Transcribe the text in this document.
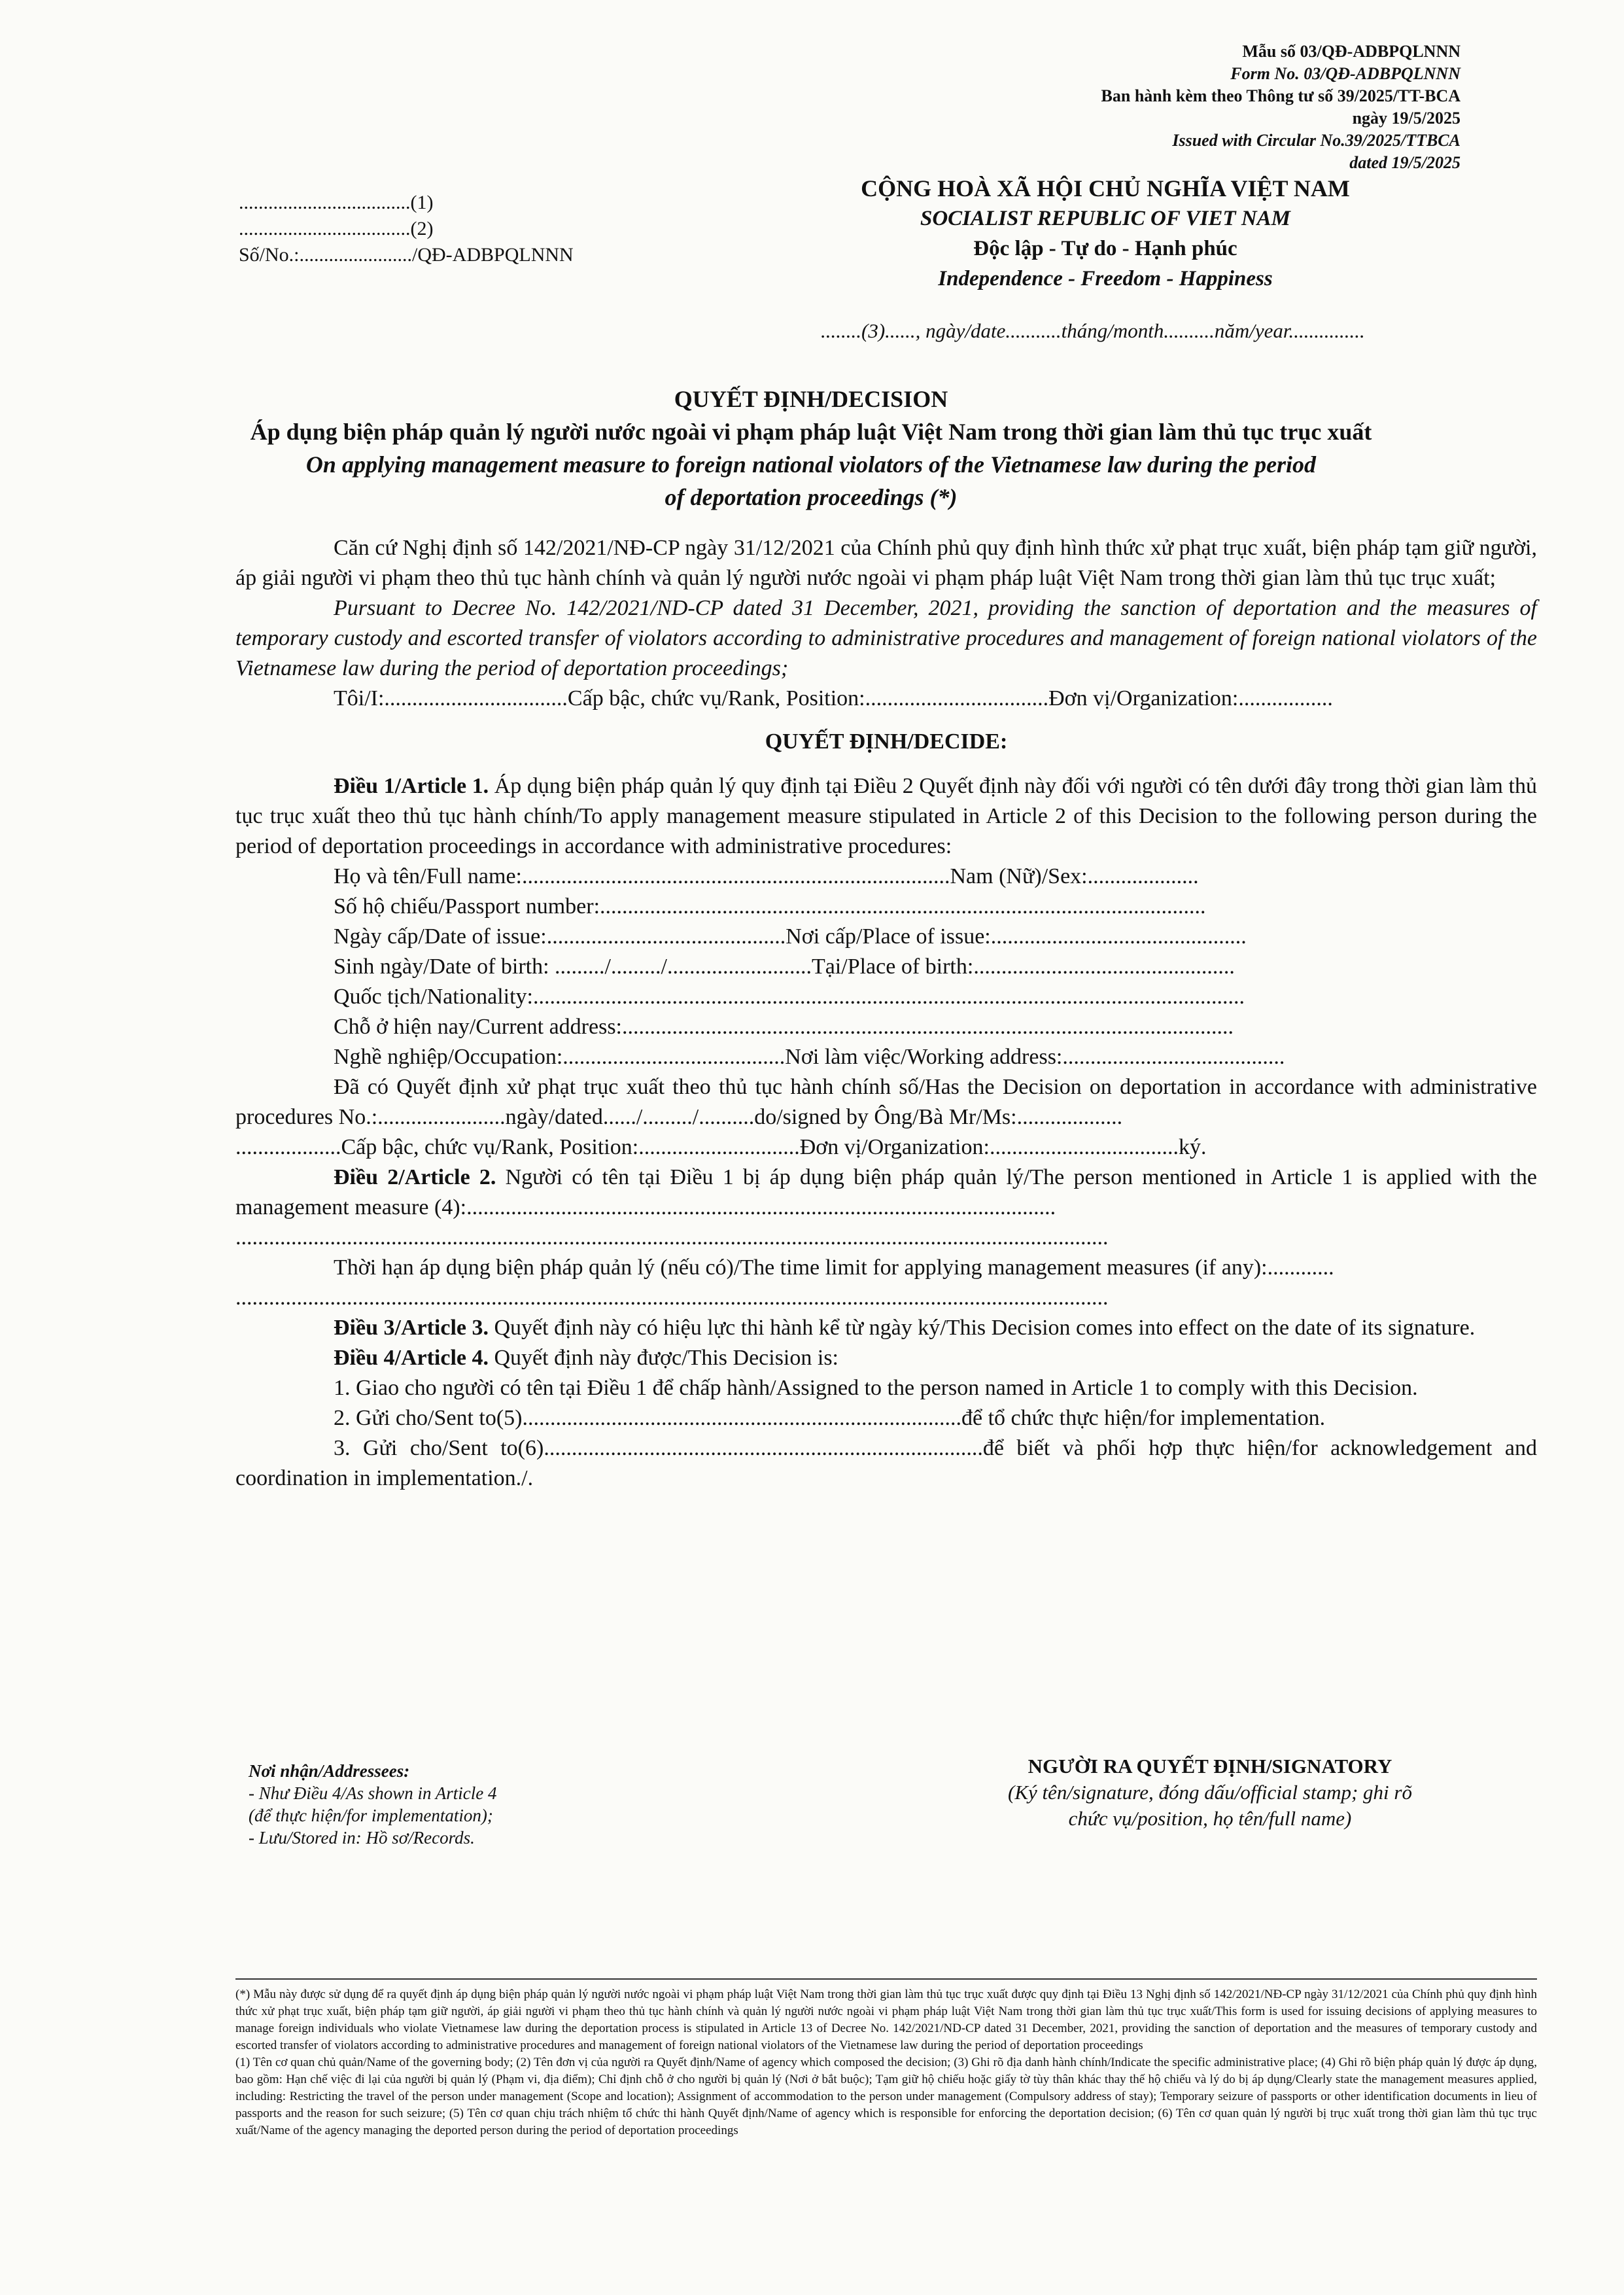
Mẫu số 03/QĐ-ADBPQLNNN
Form No. 03/QĐ-ADBPQLNNN
Ban hành kèm theo Thông tư số 39/2025/TT-BCA
ngày 19/5/2025
Issued with Circular No.39/2025/TTBCA
dated 19/5/2025
...................................(1)
...................................(2)
Số/No.:......................./QĐ-ADBPQLNNN
CỘNG HOÀ XÃ HỘI CHỦ NGHĨA VIỆT NAM
SOCIALIST REPUBLIC OF VIET NAM
Độc lập - Tự do - Hạnh phúc
Independence - Freedom - Happiness
........(3)......, ngày/date...........tháng/month..........năm/year...............
QUYẾT ĐỊNH/DECISION
Áp dụng biện pháp quản lý người nước ngoài vi phạm pháp luật Việt Nam trong thời gian làm thủ tục trục xuất
On applying management measure to foreign national violators of the Vietnamese law during the period
of deportation proceedings (*)

Căn cứ Nghị định số 142/2021/NĐ-CP ngày 31/12/2021 của Chính phủ quy định hình thức xử phạt trục xuất, biện pháp tạm giữ người, áp giải người vi phạm theo thủ tục hành chính và quản lý người nước ngoài vi phạm pháp luật Việt Nam trong thời gian làm thủ tục trục xuất;

Pursuant to Decree No. 142/2021/ND-CP dated 31 December, 2021, providing the sanction of deportation and the measures of temporary custody and escorted transfer of violators according to administrative procedures and management of foreign national violators of the Vietnamese law during the period of deportation proceedings;

Tôi/I:.................................Cấp bậc, chức vụ/Rank, Position:.................................Đơn vị/Organization:.................

QUYẾT ĐỊNH/DECIDE:

Điều 1/Article 1. Áp dụng biện pháp quản lý quy định tại Điều 2 Quyết định này đối với người có tên dưới đây trong thời gian làm thủ tục trục xuất theo thủ tục hành chính/To apply management measure stipulated in Article 2 of this Decision to the following person during the period of deportation proceedings in accordance with administrative procedures:

Họ và tên/Full name:.............................................................................Nam (Nữ)/Sex:....................

Số hộ chiếu/Passport number:.............................................................................................................

Ngày cấp/Date of issue:...........................................Nơi cấp/Place of issue:..............................................

Sinh ngày/Date of birth: ........./........./..........................Tại/Place of birth:...............................................

Quốc tịch/Nationality:................................................................................................................................

Chỗ ở hiện nay/Current address:..............................................................................................................

Nghề nghiệp/Occupation:........................................Nơi làm việc/Working address:........................................

Đã có Quyết định xử phạt trục xuất theo thủ tục hành chính số/Has the Decision on deportation in accordance with administrative procedures No.:.......................ngày/dated....../........./..........do/signed by Ông/Bà Mr/Ms:...................

...................Cấp bậc, chức vụ/Rank, Position:.............................Đơn vị/Organization:..................................ký.

Điều 2/Article 2. Người có tên tại Điều 1 bị áp dụng biện pháp quản lý/The person mentioned in Article 1 is applied with the management measure (4):..........................................................................................................

.............................................................................................................................................................

Thời hạn áp dụng biện pháp quản lý (nếu có)/The time limit for applying management measures (if any):............

.............................................................................................................................................................

Điều 3/Article 3. Quyết định này có hiệu lực thi hành kể từ ngày ký/This Decision comes into effect on the date of its signature.

Điều 4/Article 4. Quyết định này được/This Decision is:

1. Giao cho người có tên tại Điều 1 để chấp hành/Assigned to the person named in Article 1 to comply with this Decision.

2. Gửi cho/Sent to(5)...............................................................................để tổ chức thực hiện/for implementation.

3. Gửi cho/Sent to(6)...............................................................................để biết và phối hợp thực hiện/for acknowledgement and coordination in implementation./.

Nơi nhận/Addressees:
- Như Điều 4/As shown in Article 4
(để thực hiện/for implementation);
- Lưu/Stored in: Hồ sơ/Records.
NGƯỜI RA QUYẾT ĐỊNH/SIGNATORY
(Ký tên/signature, đóng dấu/official stamp; ghi rõ
chức vụ/position, họ tên/full name)

(*) Mẫu này được sử dụng để ra quyết định áp dụng biện pháp quản lý người nước ngoài vi phạm pháp luật Việt Nam trong thời gian làm thủ tục trục xuất được quy định tại Điều 13 Nghị định số 142/2021/NĐ-CP ngày 31/12/2021 của Chính phủ quy định hình thức xử phạt trục xuất, biện pháp tạm giữ người, áp giải người vi phạm theo thủ tục hành chính và quản lý người nước ngoài vi phạm pháp luật Việt Nam trong thời gian làm thủ tục trục xuất/This form is used for issuing decisions of applying measures to manage foreign individuals who violate Vietnamese law during the deportation process is stipulated in Article 13 of Decree No. 142/2021/ND-CP dated 31 December, 2021, providing the sanction of deportation and the measures of temporary custody and escorted transfer of violators according to administrative procedures and management of foreign national violators of the Vietnamese law during the period of deportation proceedings

(1) Tên cơ quan chủ quản/Name of the governing body; (2) Tên đơn vị của người ra Quyết định/Name of agency which composed the decision; (3) Ghi rõ địa danh hành chính/Indicate the specific administrative place; (4) Ghi rõ biện pháp quản lý được áp dụng, bao gồm: Hạn chế việc đi lại của người bị quản lý (Phạm vi, địa điểm); Chỉ định chỗ ở cho người bị quản lý (Nơi ở bắt buộc); Tạm giữ hộ chiếu hoặc giấy tờ tùy thân khác thay thế hộ chiếu và lý do bị áp dụng/Clearly state the management measures applied, including: Restricting the travel of the person under management (Scope and location); Assignment of accommodation to the person under management (Compulsory address of stay); Temporary seizure of passports or other identification documents in lieu of passports and the reason for such seizure; (5) Tên cơ quan chịu trách nhiệm tổ chức thi hành Quyết định/Name of agency which is responsible for enforcing the deportation decision; (6) Tên cơ quan quản lý người bị trục xuất trong thời gian làm thủ tục trục xuất/Name of the agency managing the deported person during the period of deportation proceedings
